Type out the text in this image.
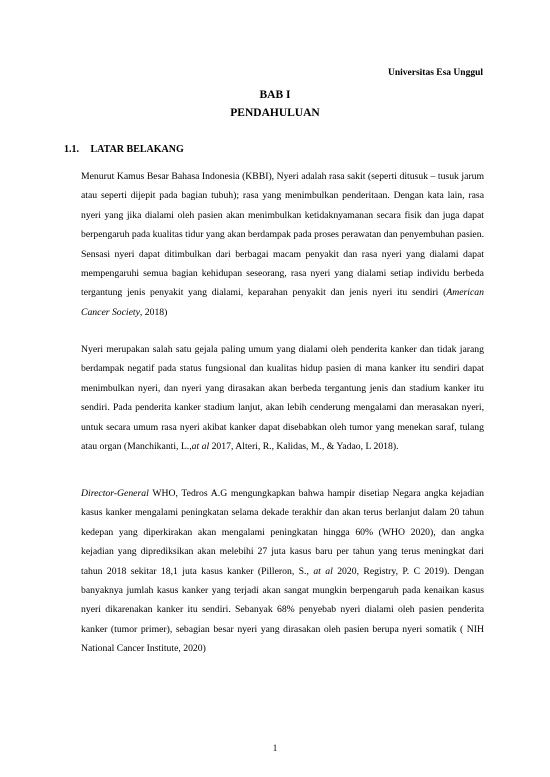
Universitas Esa Unggul
BAB I
PENDAHULUAN
1.1. LATAR BELAKANG

Menurut Kamus Besar Bahasa Indonesia (KBBI), Nyeri adalah rasa sakit (seperti ditusuk – tusuk jarum atau seperti dijepit pada bagian tubuh); rasa yang menimbulkan penderitaan. Dengan kata lain, rasa nyeri yang jika dialami oleh pasien akan menimbulkan ketidaknyamanan secara fisik dan juga dapat berpengaruh pada kualitas tidur yang akan berdampak pada proses perawatan dan penyembuhan pasien. Sensasi nyeri dapat ditimbulkan dari berbagai macam penyakit dan rasa nyeri yang dialami dapat mempengaruhi semua bagian kehidupan seseorang, rasa nyeri yang dialami setiap individu berbeda tergantung jenis penyakit yang dialami, keparahan penyakit dan jenis nyeri itu sendiri (American Cancer Society, 2018)

Nyeri merupakan salah satu gejala paling umum yang dialami oleh penderita kanker dan tidak jarang berdampak negatif pada status fungsional dan kualitas hidup pasien di mana kanker itu sendiri dapat menimbulkan nyeri, dan nyeri yang dirasakan akan berbeda tergantung jenis dan stadium kanker itu sendiri. Pada penderita kanker stadium lanjut, akan lebih cenderung mengalami dan merasakan nyeri, untuk secara umum rasa nyeri akibat kanker dapat disebabkan oleh tumor yang menekan saraf, tulang atau organ (Manchikanti, L.,at al 2017, Alteri, R., Kalidas, M., & Yadao, L 2018).

Director-General WHO, Tedros A.G mengungkapkan bahwa hampir disetiap Negara angka kejadian kasus kanker mengalami peningkatan selama dekade terakhir dan akan terus berlanjut dalam 20 tahun kedepan yang diperkirakan akan mengalami peningkatan hingga 60% (WHO 2020), dan angka kejadian yang diprediksikan akan melebihi 27 juta kasus baru per tahun yang terus meningkat dari tahun 2018 sekitar 18,1 juta kasus kanker (Pilleron, S., at al 2020, Registry, P. C 2019). Dengan banyaknya jumlah kasus kanker yang terjadi akan sangat mungkin berpengaruh pada kenaikan kasus nyeri dikarenakan kanker itu sendiri. Sebanyak 68% penyebab nyeri dialami oleh pasien penderita kanker (tumor primer), sebagian besar nyeri yang dirasakan oleh pasien berupa nyeri somatik ( NIH National Cancer Institute, 2020)

1
